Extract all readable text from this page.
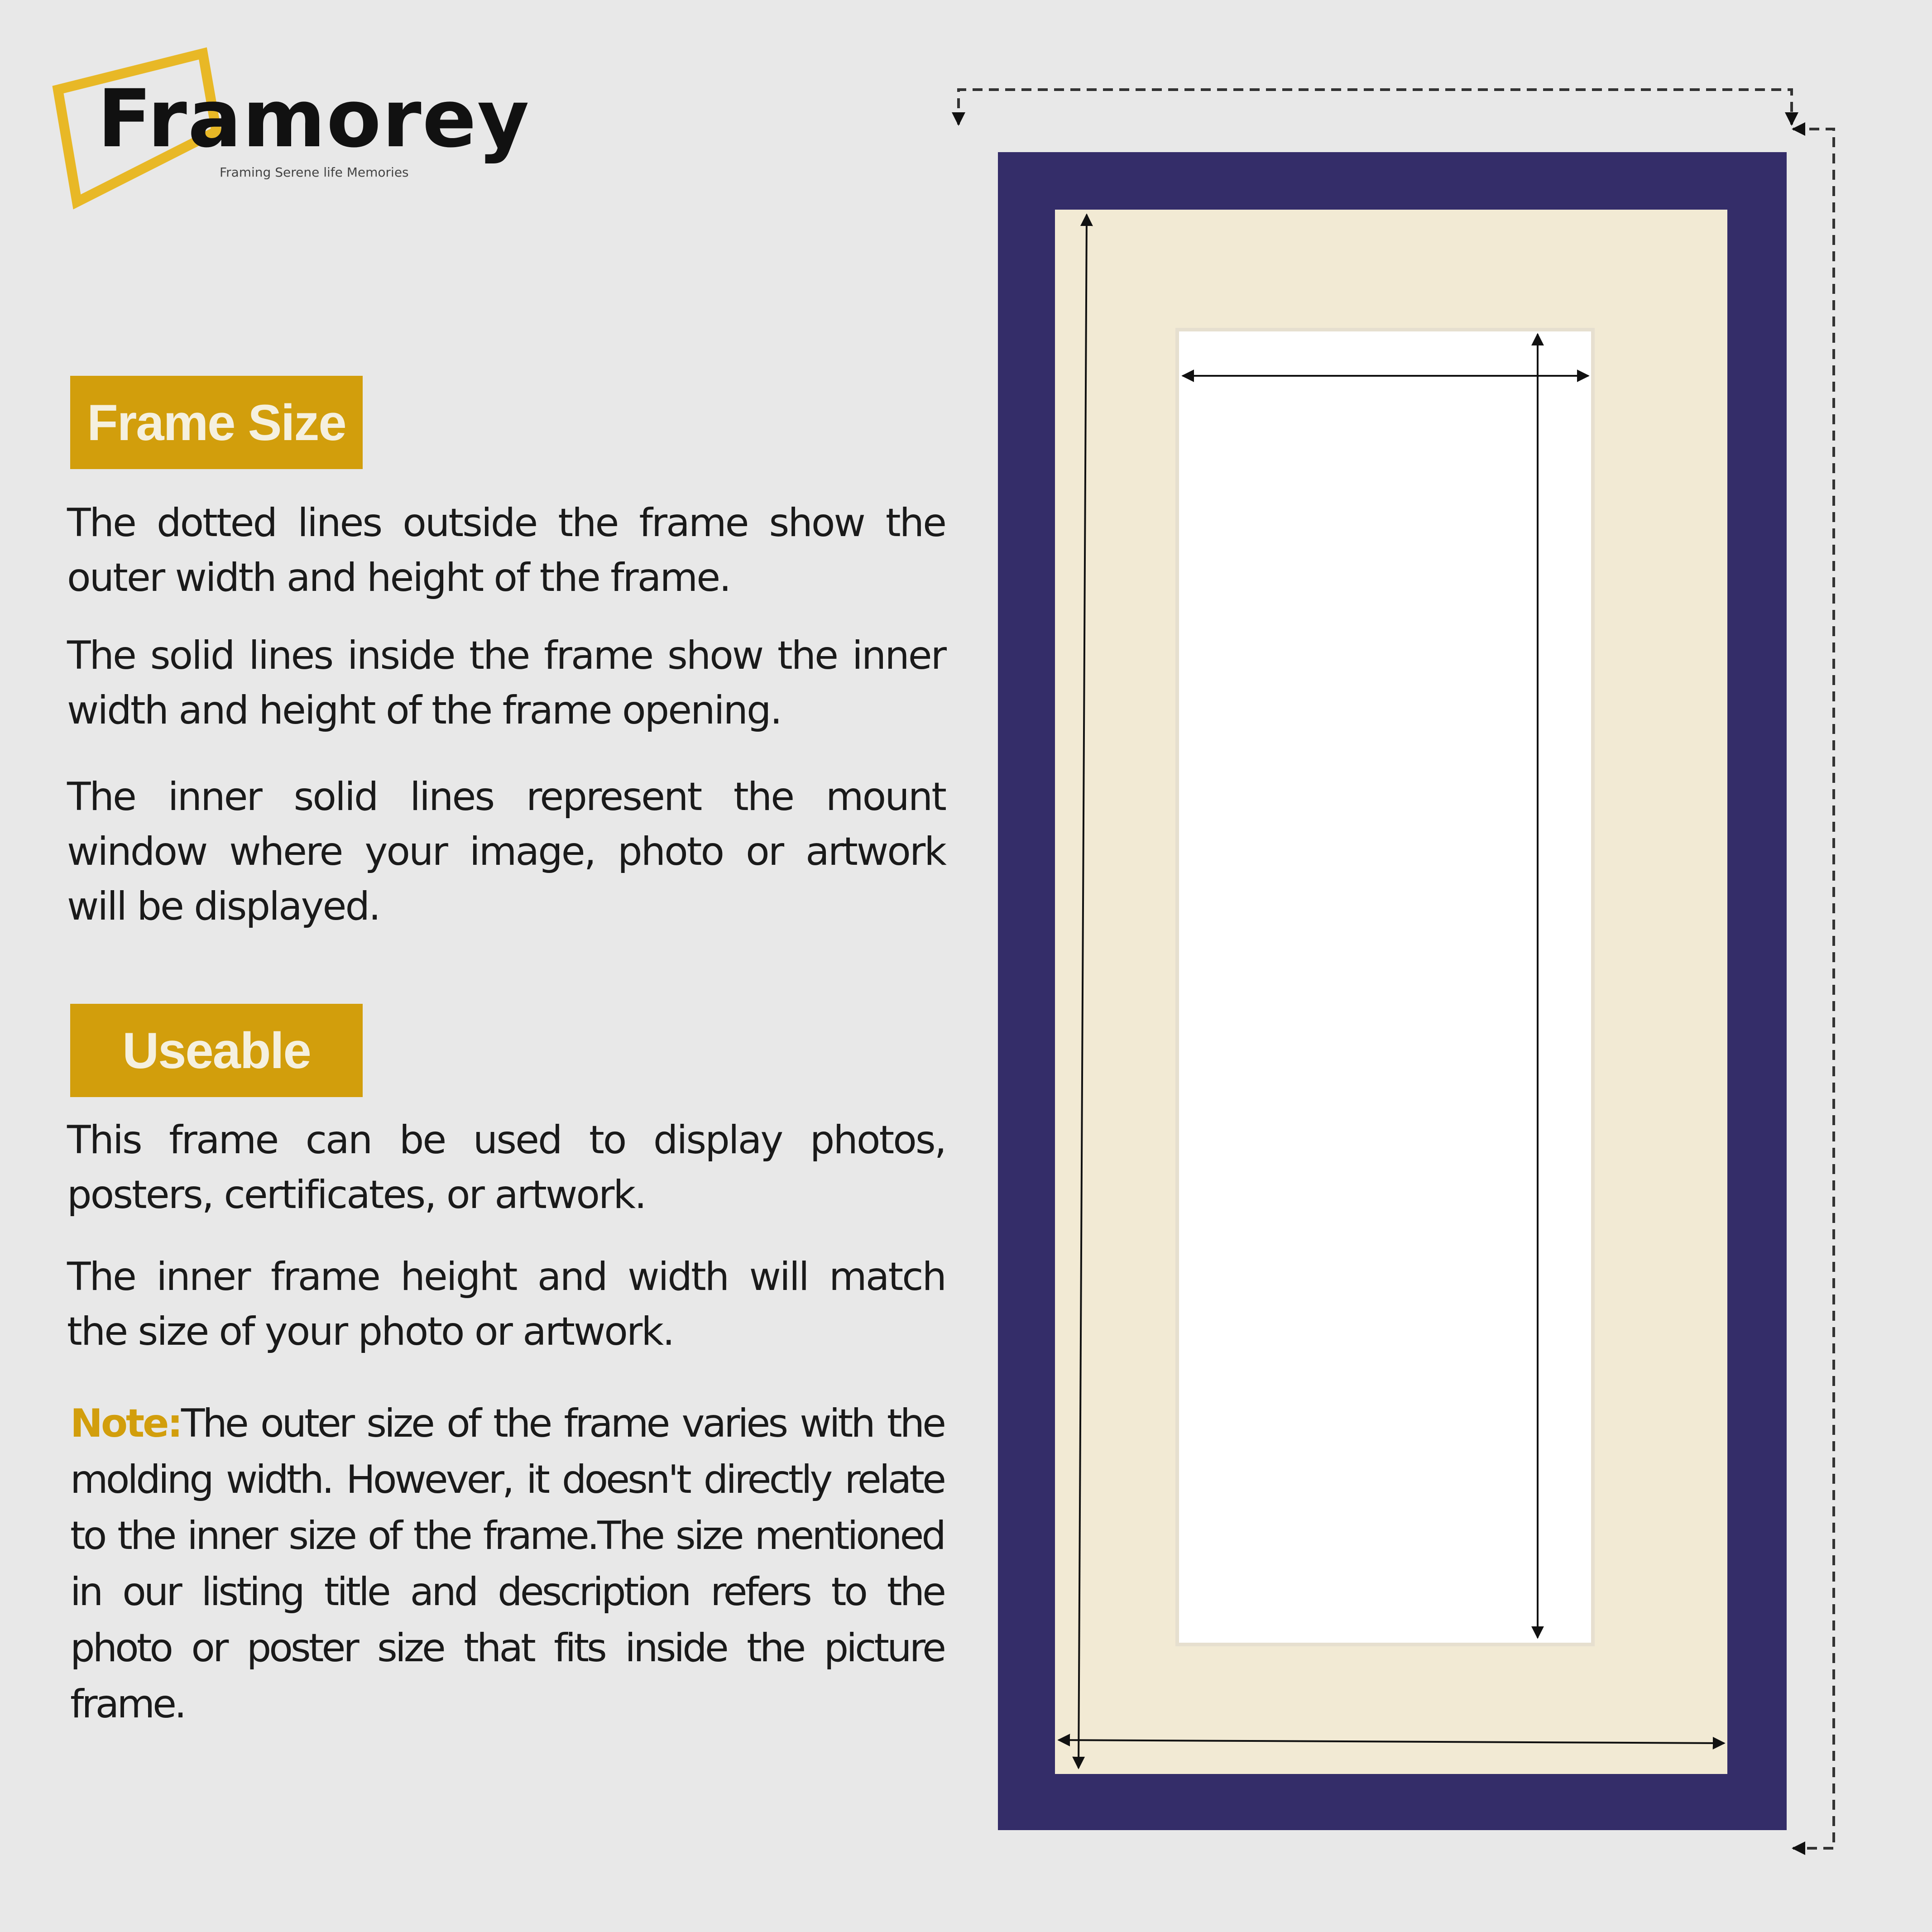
Framorey
Framing Serene life Memories
Frame Size

The dotted lines outside the frame show the outer width and height of the frame.

The solid lines inside the frame show the inner width and height of the frame opening.

The inner solid lines represent the mount window where your image, photo or artwork will be displayed.

Useable

This frame can be used to display photos, posters, certificates, or artwork.

The inner frame height and width will match the size of your photo or artwork.

Note:The outer size of the frame varies with the molding width. However, it doesn't directly relate to the inner size of the frame.The size mentioned in our listing title and description refers to the photo or poster size that fits inside the picture frame.
